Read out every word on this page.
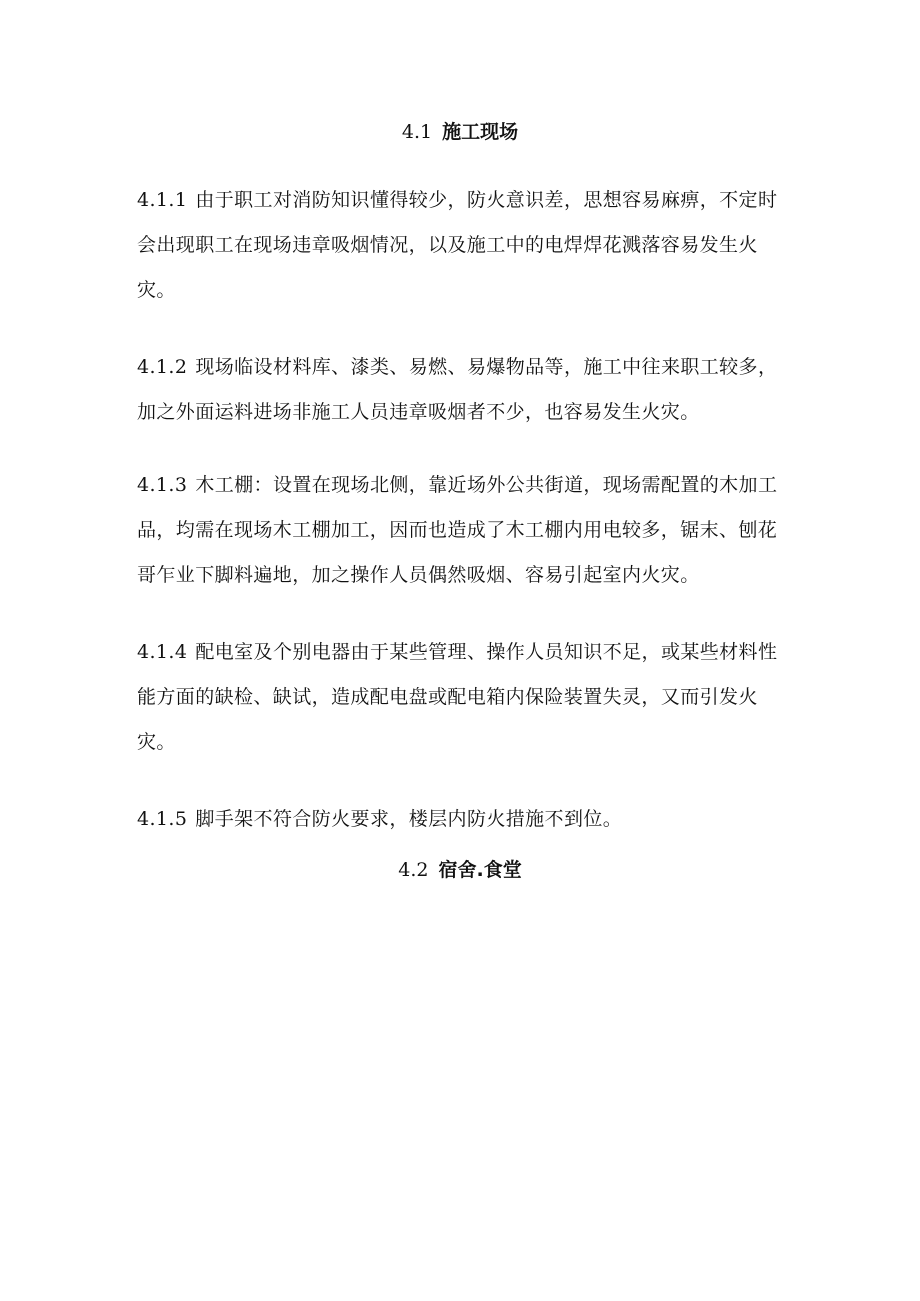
4.1 施工现场
4.1.1 由于职工对消防知识懂得较少，防火意识差，思想容易麻痹，不定时会出现职工在现场违章吸烟情况，以及施工中的电焊焊花溅落容易发生火灾。
4.1.2 现场临设材料库、漆类、易燃、易爆物品等，施工中往来职工较多，加之外面运料进场非施工人员违章吸烟者不少，也容易发生火灾。
4.1.3 木工棚：设置在现场北侧，靠近场外公共街道，现场需配置的木加工品，均需在现场木工棚加工，因而也造成了木工棚内用电较多，锯末、刨花哥乍业下脚料遍地，加之操作人员偶然吸烟、容易引起室内火灾。
4.1.4 配电室及个别电器由于某些管理、操作人员知识不足，或某些材料性能方面的缺检、缺试，造成配电盘或配电箱内保险装置失灵，又而引发火灾。
4.1.5 脚手架不符合防火要求，楼层内防火措施不到位。
4.2 宿舍.食堂
